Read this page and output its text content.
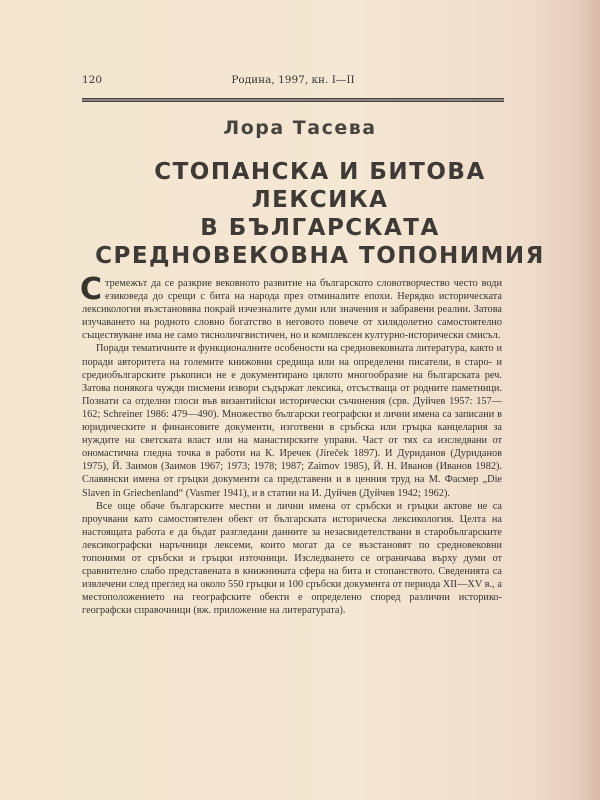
120	Родина, 1997, кн. I—II
Лора Тасева
СТОПАНСКА И БИТОВА ЛЕКСИКА
В БЪЛГАРСКАТА
СРЕДНОВЕКОВНА ТОПОНИМИЯ

Стремежът да се разкрие вековното развитие на българското словотворчество често води езиковеда до срещи с бита на народа през отминалите епохи. Нерядко историческата лексикология възстановява покрай изчезналите думи или значения и забравени реалии. Затова изучаването на родното словно богатство в неговото повече от хилядолетно самостоятелно съществуване има не само тясноличгвистичен, но и комплексен културно-исторически смисъл.

Поради тематичните и функционалните особености на средновековната литература, както и поради авторитета на големите книжовни средища или на определени писатели, в старо- и средиобългарските ръкописи не е документирано цялото многообразие на българската реч. Затова понякога чужди писмени извори съдържат лексика, отсъстваща от родните паметници. Познати са отделни глоси във византийски исторически съчинения (срв. Дуйчев 1957: 157—162; Schreiner 1986: 479—490). Множество български географски и лични имена са записани в юридическите и финансовите документи, изготвени в сръбска или гръцка канцелария за нуждите на светската власт или на манастирските управи. Част от тях са изследвани от ономастична гледна точка в работи на К. Иречек (Jireček 1897). И Дуриданов (Дуриданов 1975), Й. Заимов (Заимов 1967; 1973; 1978; 1987; Zaimov 1985), Й. Н. Иванов (Иванов 1982). Славянски имена от гръцки документи са представени и в ценния труд на М. Фасмер „Die Slaven in Griechenland“ (Vasmer 1941), и в статии на И. Дуйчев (Дуйчев 1942; 1962).

Все още обаче българските местни и лични имена от сръбски и гръцки актове не са проучвани като самостоятелен обект от българската историческа лексикология. Целта на настоящата работа е да бъдат разгледани данните за незасвидетелствани в старобългарските лексикографски наръчници лексеми, които могат да се възстановят по средновековни топоними от сръбски и гръцки източници. Изследването се ограничава върху думи от сравнително слабо представената в книжнината сфера на бита и стопанството. Сведенията са извлечени след преглед на около 550 гръцки и 100 сръбски документа от периода XII—XV в., а местоположението на географските обекти е определено според различни историко-географски справочници (вж. приложение на литературата).
